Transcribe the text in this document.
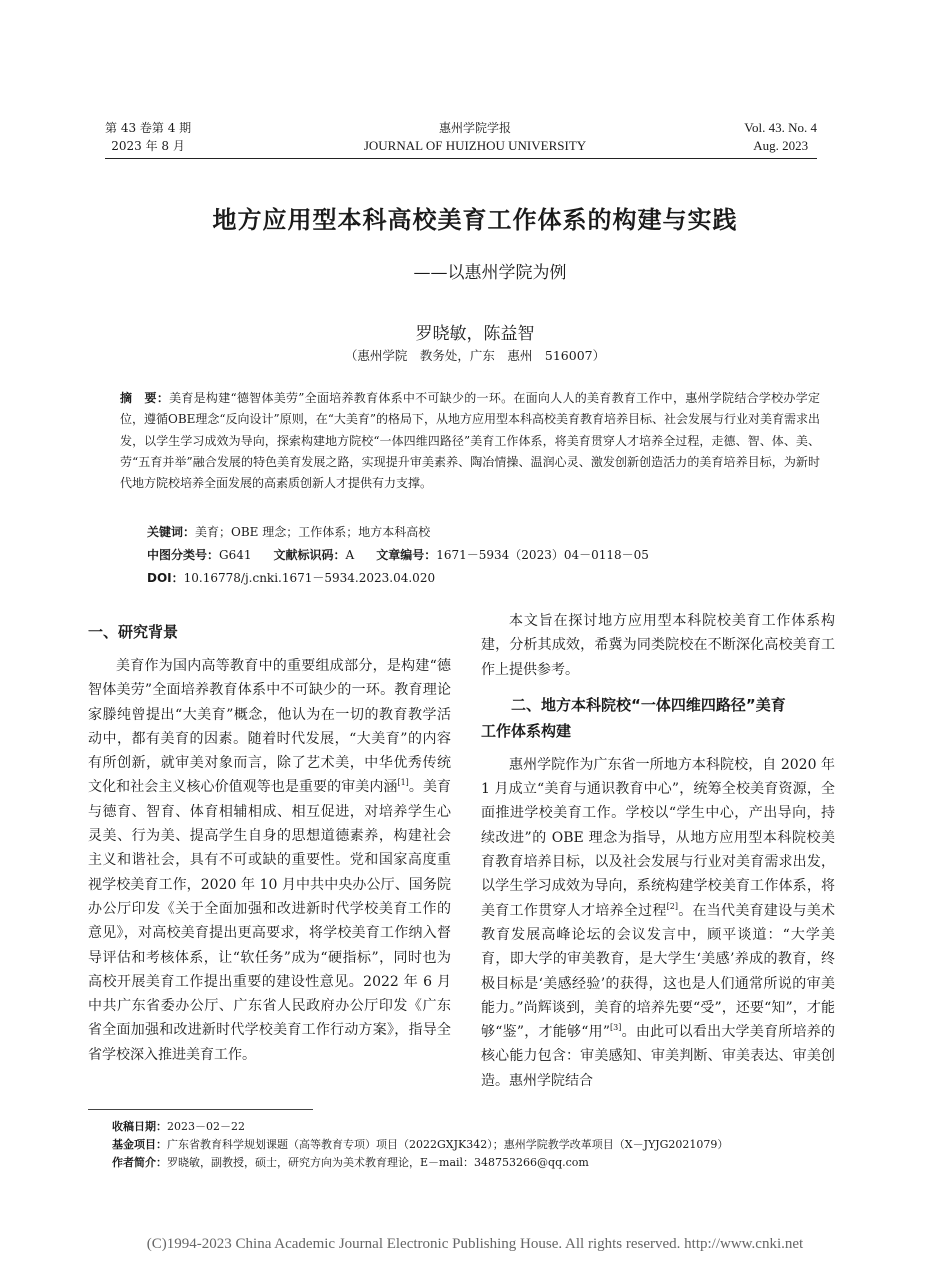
第 43 卷第 4 期
2023 年 8 月
惠州学院学报
JOURNAL OF HUIZHOU UNIVERSITY
Vol. 43. No. 4
Aug. 2023
地方应用型本科高校美育工作体系的构建与实践
——以惠州学院为例
罗晓敏，陈益智
（惠州学院　教务处，广东　惠州　516007）
摘　要：美育是构建“德智体美劳”全面培养教育体系中不可缺少的一环。在面向人人的美育教育工作中，惠州学院结合学校办学定位，遵循OBE理念“反向设计”原则，在“大美育”的格局下，从地方应用型本科高校美育教育培养目标、社会发展与行业对美育需求出发，以学生学习成效为导向，探索构建地方院校“一体四维四路径”美育工作体系，将美育贯穿人才培养全过程，走德、智、体、美、劳“五育并举”融合发展的特色美育发展之路，实现提升审美素养、陶冶情操、温润心灵、激发创新创造活力的美育培养目标，为新时代地方院校培养全面发展的高素质创新人才提供有力支撑。
关键词：美育；OBE 理念；工作体系；地方本科高校
中图分类号：G641 文献标识码：A 文章编号：1671－5934（2023）04－0118－05
DOI：10.16778/j.cnki.1671－5934.2023.04.020
一、研究背景

美育作为国内高等教育中的重要组成部分，是构建“德智体美劳”全面培养教育体系中不可缺少的一环。教育理论家滕纯曾提出“大美育”概念，他认为在一切的教育教学活动中，都有美育的因素。随着时代发展，“大美育”的内容有所创新，就审美对象而言，除了艺术美，中华优秀传统文化和社会主义核心价值观等也是重要的审美内涵[1]。美育与德育、智育、体育相辅相成、相互促进，对培养学生心灵美、行为美、提高学生自身的思想道德素养，构建社会主义和谐社会，具有不可或缺的重要性。党和国家高度重视学校美育工作，2020 年 10 月中共中央办公厅、国务院办公厅印发《关于全面加强和改进新时代学校美育工作的意见》，对高校美育提出更高要求，将学校美育工作纳入督导评估和考核体系，让“软任务”成为“硬指标”，同时也为高校开展美育工作提出重要的建设性意见。2022 年 6 月中共广东省委办公厅、广东省人民政府办公厅印发《广东省全面加强和改进新时代学校美育工作行动方案》，指导全省学校深入推进美育工作。

本文旨在探讨地方应用型本科院校美育工作体系构建，分析其成效，希冀为同类院校在不断深化高校美育工作上提供参考。

二、地方本科院校“一体四维四路径”美育
工作体系构建

惠州学院作为广东省一所地方本科院校，自 2020 年 1 月成立“美育与通识教育中心”，统筹全校美育资源，全面推进学校美育工作。学校以“学生中心，产出导向，持续改进”的 OBE 理念为指导，从地方应用型本科院校美育教育培养目标，以及社会发展与行业对美育需求出发，以学生学习成效为导向，系统构建学校美育工作体系，将美育工作贯穿人才培养全过程[2]。在当代美育建设与美术教育发展高峰论坛的会议发言中，顾平谈道：“大学美育，即大学的审美教育，是大学生‘美感’养成的教育，终极目标是‘美感经验’的获得，这也是人们通常所说的审美能力。”尚辉谈到，美育的培养先要“受”，还要“知”，才能够“鉴”，才能够“用”[3]。由此可以看出大学美育所培养的核心能力包含：审美感知、审美判断、审美表达、审美创造。惠州学院结合

收稿日期：2023－02－22
基金项目：广东省教育科学规划课题（高等教育专项）项目（2022GXJK342）；惠州学院教学改革项目（X－JYJG2021079）
作者简介：罗晓敏，副教授，硕士，研究方向为美术教育理论，E－mail：348753266@qq.com
(C)1994-2023 China Academic Journal Electronic Publishing House. All rights reserved. http://www.cnki.net
